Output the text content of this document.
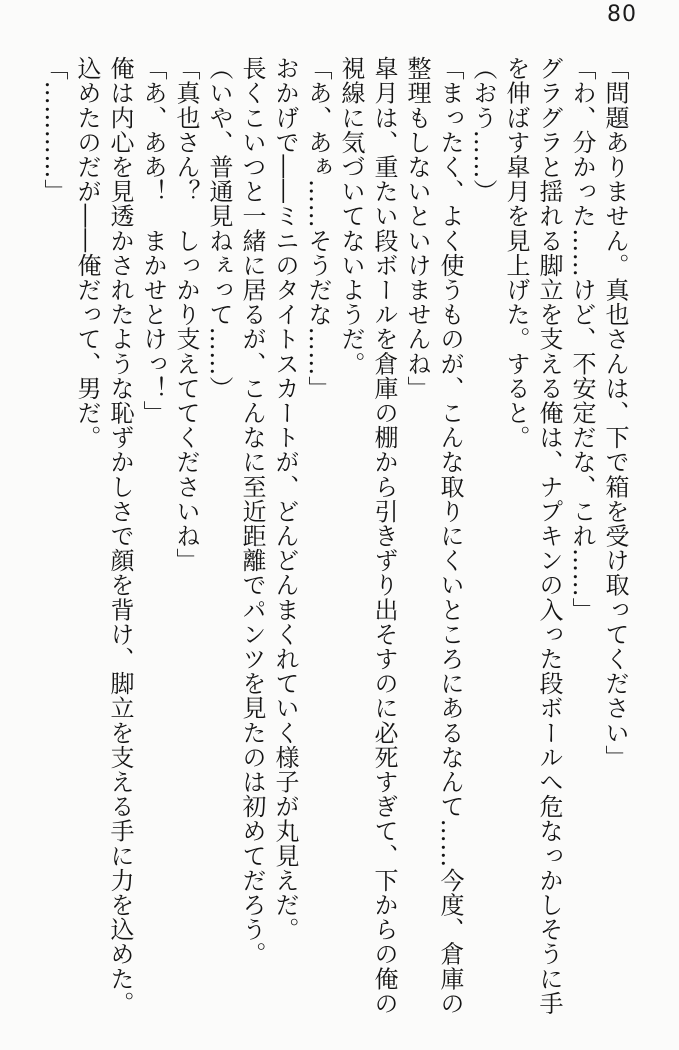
80

「問題ありません。真也さんは、下で箱を受け取ってください」

「わ、分かった……けど、不安定だな、これ……」

グラグラと揺れる脚立を支える俺は、ナプキンの入った段ボールへ危なっかしそうに手

を伸ばす皐月を見上げた。すると。

（おう……）

「まったく、よく使うものが、こんな取りにくいところにあるなんて……今度、倉庫の

整理もしないといけませんね」

皐月は、重たい段ボールを倉庫の棚から引きずり出そすのに必死すぎて、下からの俺の

視線に気づいてないようだ。

「あ、あぁ……そうだな……」

おかげで――ミニのタイトスカートが、どんどんまくれていく様子が丸見えだ。

長くこいつと一緒に居るが、こんなに至近距離でパンツを見たのは初めてだろう。

（いや、普通見ねぇって……）

「真也さん？　しっかり支えててくださいね」

「あ、ああ！　まかせとけっ！」

俺は内心を見透かされたような恥ずかしさで顔を背け、脚立を支える手に力を込めた。

込めたのだが――俺だって、男だ。

「…………」
